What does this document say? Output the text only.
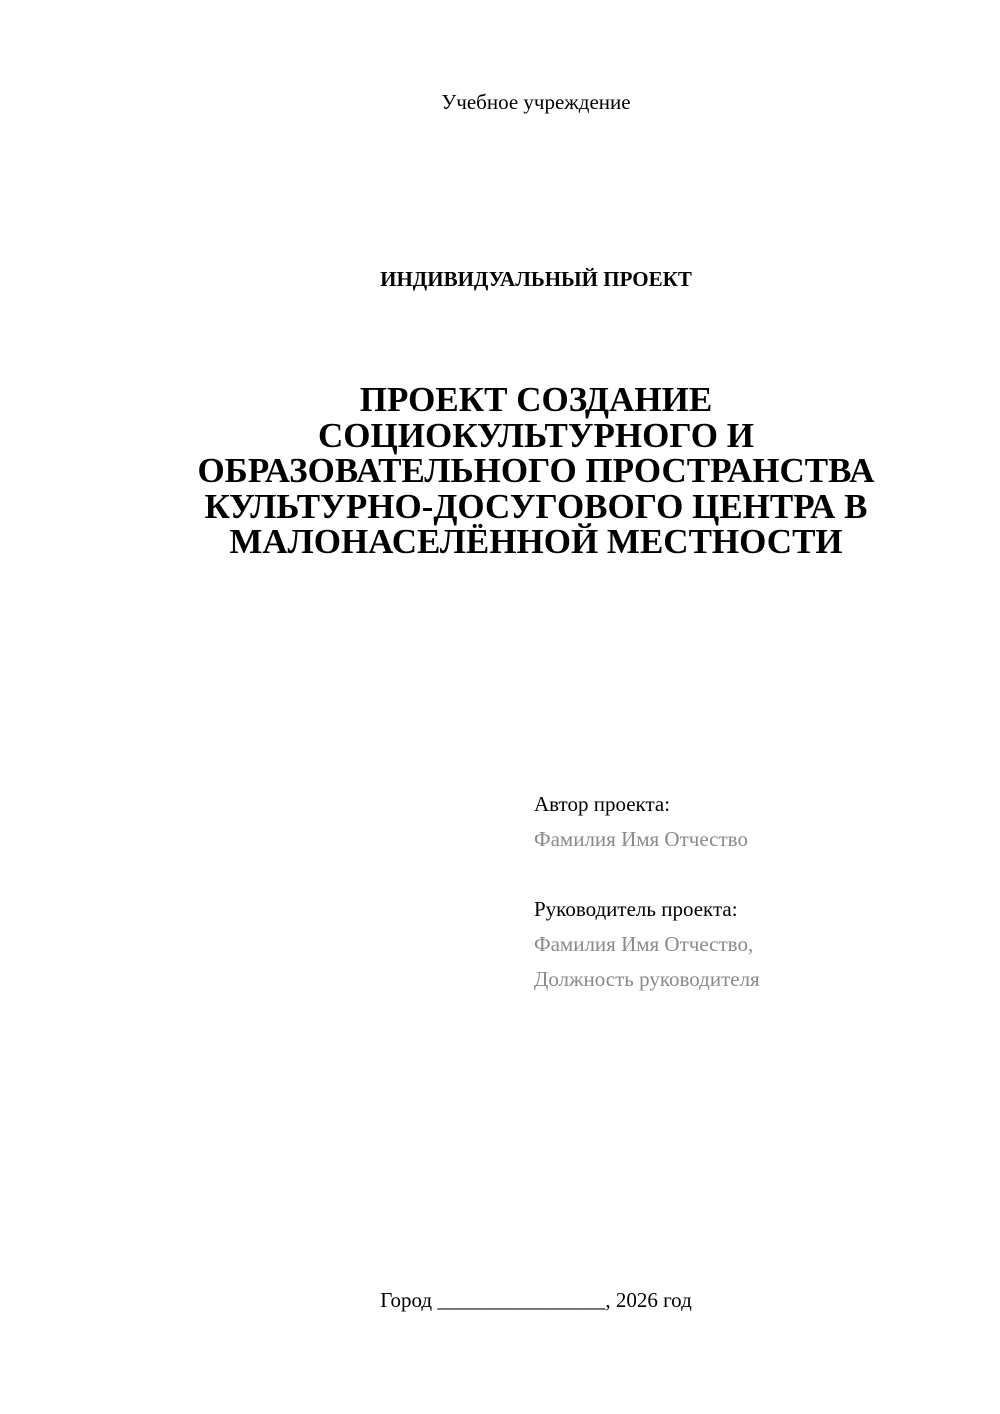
Учебное учреждение
ИНДИВИДУАЛЬНЫЙ ПРОЕКТ
ПРОЕКТ СОЗДАНИЕ
СОЦИОКУЛЬТУРНОГО И
ОБРАЗОВАТЕЛЬНОГО ПРОСТРАНСТВА
КУЛЬТУРНО-ДОСУГОВОГО ЦЕНТРА В
МАЛОНАСЕЛЁННОЙ МЕСТНОСТИ
Автор проекта:
Фамилия Имя Отчество
Руководитель проекта:
Фамилия Имя Отчество,
Должность руководителя
Город ________________, 2026 год
